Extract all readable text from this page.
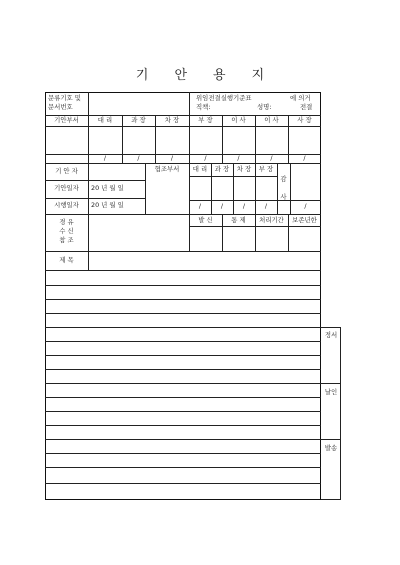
기 안 용 지
문류기호 및
문서번호
위임전결실행기준표	에 의거
직책:	성명:	전결
기안부서	대 리	과 장	차 장	부 장	이 사	이 사	사 장
/	/	/	/	/	/	/
기 안 자
기안일자	20 년 월 일
시행일자	20 년 월 일
협조부서	대 리	과 장	차 장	부 장
감
사
/	/	/	/	/
경 유
수 신
참 조
발 신	통 제	처리기간	보존년한
제 목
정서
날인
발송
